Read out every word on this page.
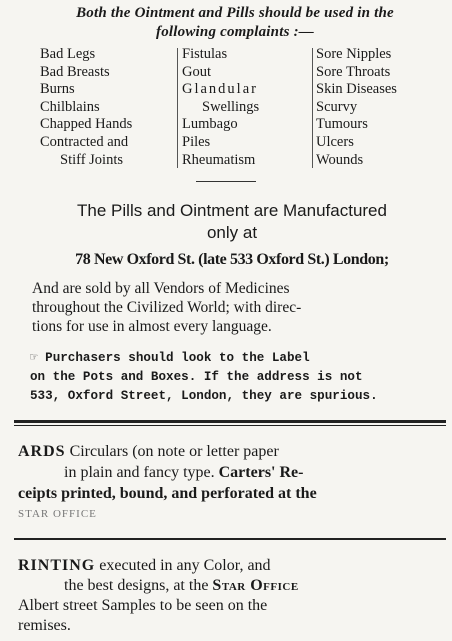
Both the Ointment and Pills should be used in the
following complaints :—
Bad Legs
Bad Breasts
Burns
Chilblains
Chapped Hands
Contracted and
Stiff Joints
Fistulas
Gout
Glandular
Swellings
Lumbago
Piles
Rheumatism
Sore Nipples
Sore Throats
Skin Diseases
Scurvy
Tumours
Ulcers
Wounds
The Pills and Ointment are Manufactured
only at
78 New Oxford St. (late 533 Oxford St.) London;
And are sold by all Vendors of Medicines
throughout the Civilized World; with direc-
tions for use in almost every language.
☞ Purchasers should look to the Label
on the Pots and Boxes. If the address is not
533, Oxford Street, London, they are spurious.
ARDS Circulars (on note or letter paper
in plain and fancy type. Carters' Re-
ceipts printed, bound, and perforated at the
STAR OFFICE
RINTING executed in any Color, and
the best designs, at the Star Office
Albert street Samples to be seen on the
remises.
